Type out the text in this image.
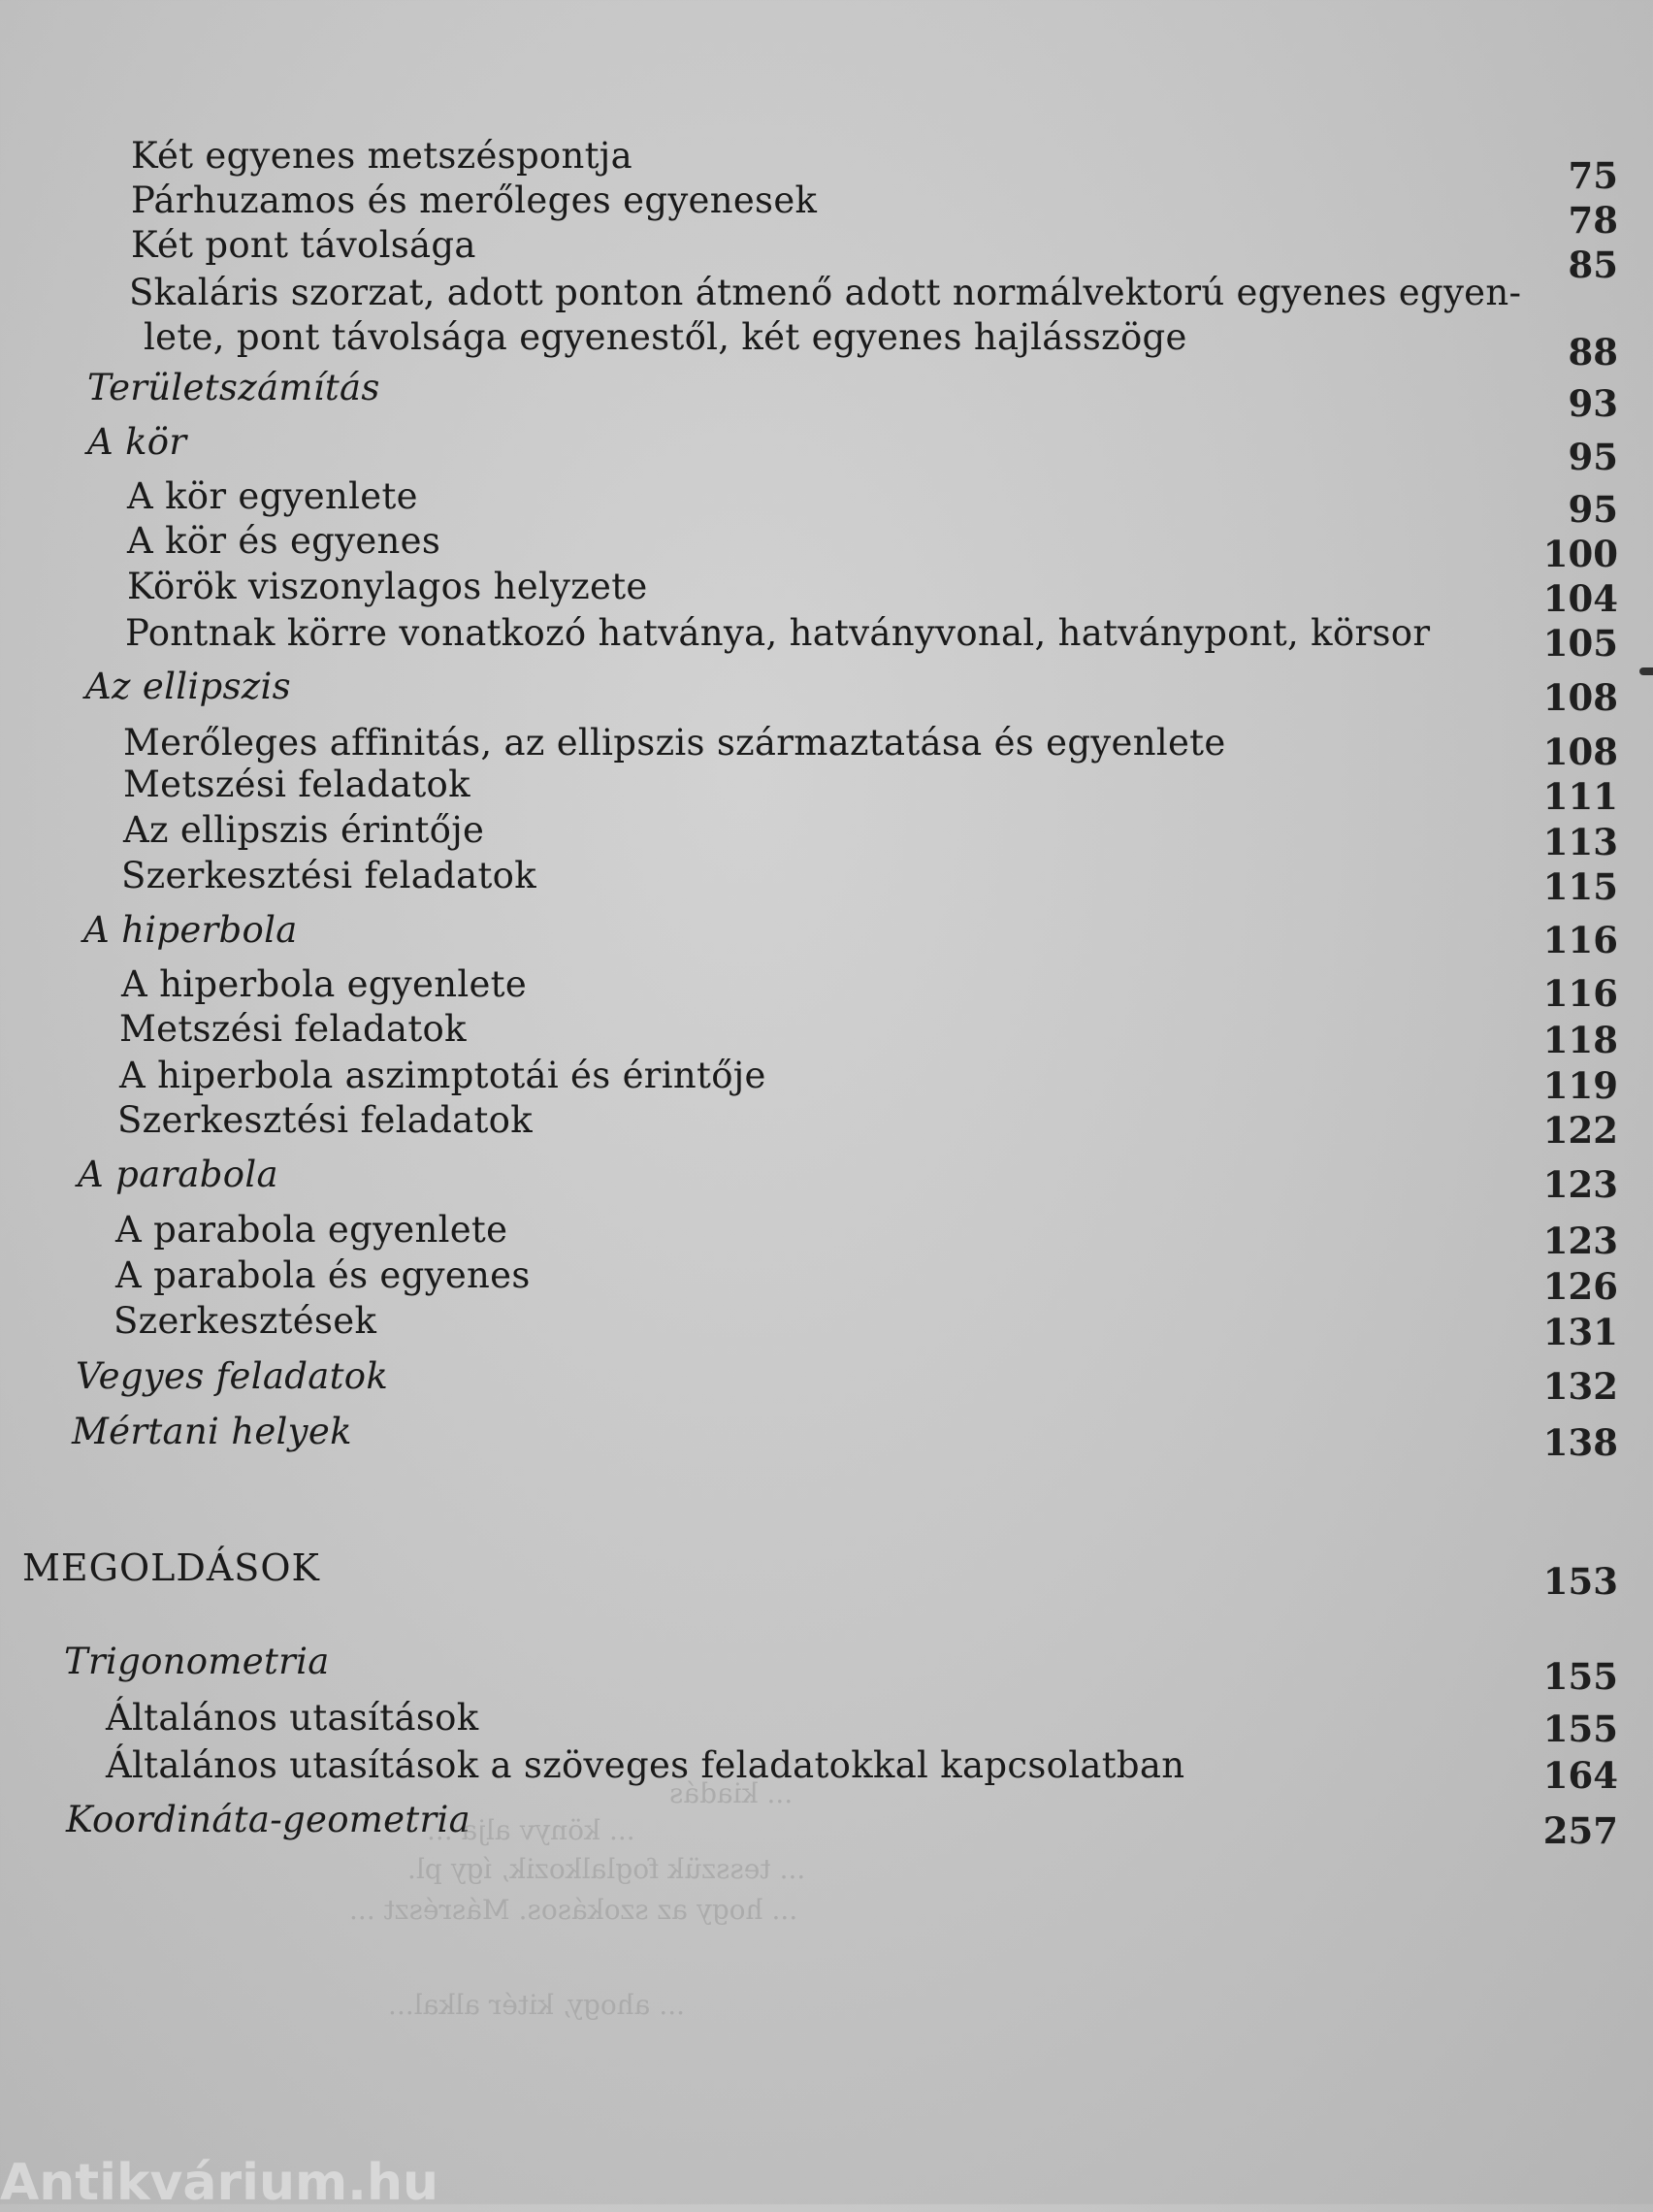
Két egyenes metszéspontja	75
Párhuzamos és merőleges egyenesek	78
Két pont távolsága	85
Skaláris szorzat, adott ponton átmenő adott normálvektorú egyenes egyen-
lete, pont távolsága egyenestől, két egyenes hajlásszöge	88
Területszámítás	93
A kör	95
A kör egyenlete	95
A kör és egyenes	100
Körök viszonylagos helyzete	104
Pontnak körre vonatkozó hatványa, hatványvonal, hatványpont, körsor	105
Az ellipszis	108
Merőleges affinitás, az ellipszis származtatása és egyenlete	108
Metszési feladatok	111
Az ellipszis érintője	113
Szerkesztési feladatok	115
A hiperbola	116
A hiperbola egyenlete	116
Metszési feladatok	118
A hiperbola aszimptotái és érintője	119
Szerkesztési feladatok	122
A parabola	123
A parabola egyenlete	123
A parabola és egyenes	126
Szerkesztések	131
Vegyes feladatok	132
Mértani helyek	138
MEGOLDÁSOK	153
Trigonometria	155
Általános utasítások	155
Általános utasítások a szöveges feladatokkal kapcsolatban	164
Koordináta-geometria	257
... kiadás
... könyv alja ...
... tesszük foglalkozik, így pl.
... hogy az szokásos. Másrészt ...
... ahogy, kitér alkal...
Antikvárium.hu
